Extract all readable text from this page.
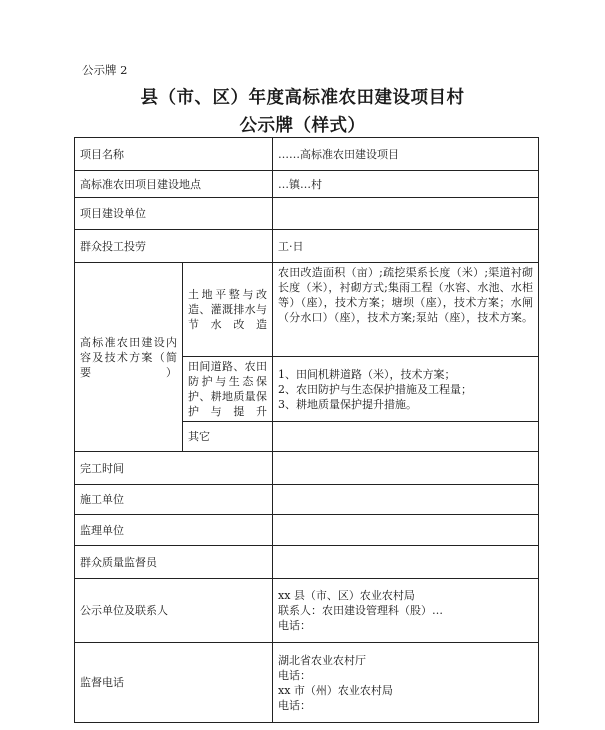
公示牌 2
县（市、区）年度高标准农田建设项目村
公示牌（样式）
项目名称		……高标准农田建设项目
高标准农田项目建设地点		…镇…村
项目建设单位		
群众投工投劳		工·日
高标准农田建设内容及技术方案（简要）	土地平整与改造、灌溉排水与节水改造	农田改造面积（亩）;疏挖渠系长度（米）;渠道衬砌长度（米），衬砌方式;集雨工程（水窖、水池、水柜等）（座），技术方案；塘坝（座），技术方案；水闸（分水口）（座），技术方案;泵站（座），技术方案。
	田间道路、农田防护与生态保护、耕地质量保护与提升	1、田间机耕道路（米），技术方案；
2、农田防护与生态保护措施及工程量；
3、耕地质量保护提升措施。

	其它	
完工时间		
施工单位		
监理单位		
群众质量监督员		
公示单位及联系人		xx 县（市、区）农业农村局
联系人：农田建设管理科（股）…
电话：

监督电话		湖北省农业农村厅
电话：
xx 市（州）农业农村局
电话：
